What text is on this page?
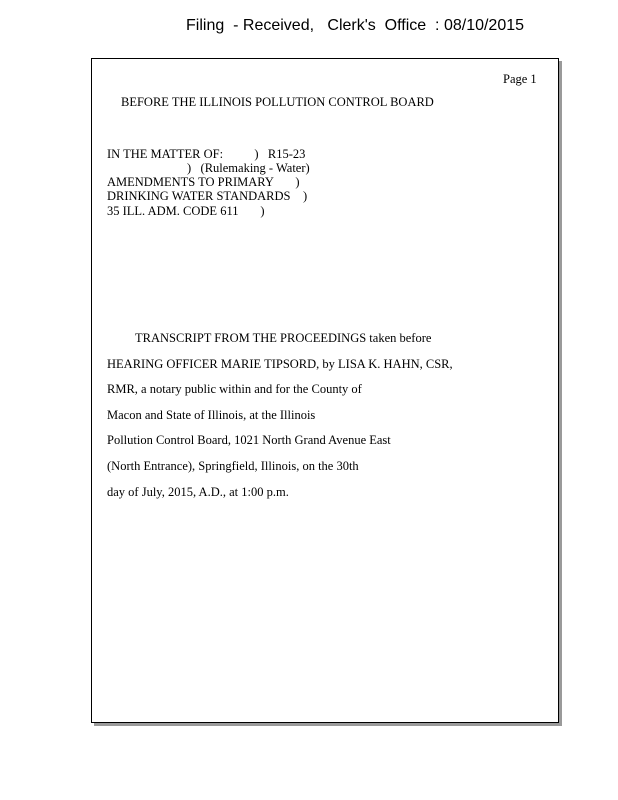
Filing  - Received,   Clerk's  Office  : 08/10/2015
Page 1
BEFORE THE ILLINOIS POLLUTION CONTROL BOARD
IN THE MATTER OF:          )   R15-23
)   (Rulemaking - Water)
AMENDMENTS TO PRIMARY       )
DRINKING WATER STANDARDS    )
35 ILL. ADM. CODE 611       )
TRANSCRIPT FROM THE PROCEEDINGS taken before
HEARING OFFICER MARIE TIPSORD, by LISA K. HAHN, CSR,
RMR, a notary public within and for the County of
Macon and State of Illinois, at the Illinois
Pollution Control Board, 1021 North Grand Avenue East
(North Entrance), Springfield, Illinois, on the 30th
day of July, 2015, A.D., at 1:00 p.m.
